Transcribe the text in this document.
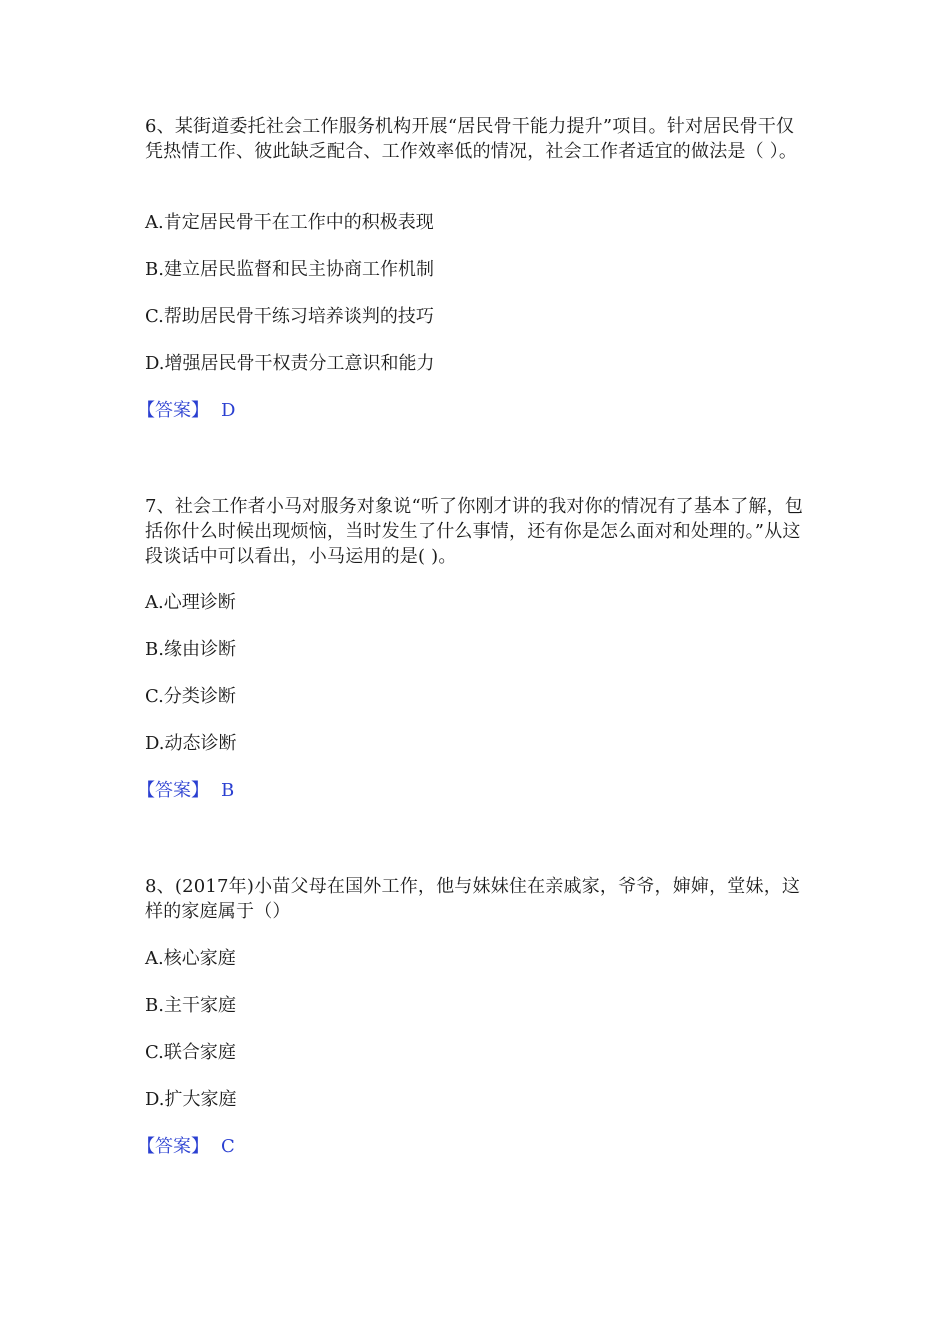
6、某街道委托社会工作服务机构开展“居民骨干能力提升”项目。针对居民骨干仅凭热情工作、彼此缺乏配合、工作效率低的情况，社会工作者适宜的做法是（ ）。

A.肯定居民骨干在工作中的积极表现

B.建立居民监督和民主协商工作机制

C.帮助居民骨干练习培养谈判的技巧

D.增强居民骨干权责分工意识和能力

【答案】 D

7、社会工作者小马对服务对象说“听了你刚才讲的我对你的情况有了基本了解，包括你什么时候出现烦恼，当时发生了什么事情，还有你是怎么面对和处理的。”从这段谈话中可以看出，小马运用的是( )。

A.心理诊断

B.缘由诊断

C.分类诊断

D.动态诊断

【答案】 B

8、(2017年)小苗父母在国外工作，他与妹妹住在亲戚家，爷爷，婶婶，堂妹，这样的家庭属于（）

A.核心家庭

B.主干家庭

C.联合家庭

D.扩大家庭

【答案】 C
